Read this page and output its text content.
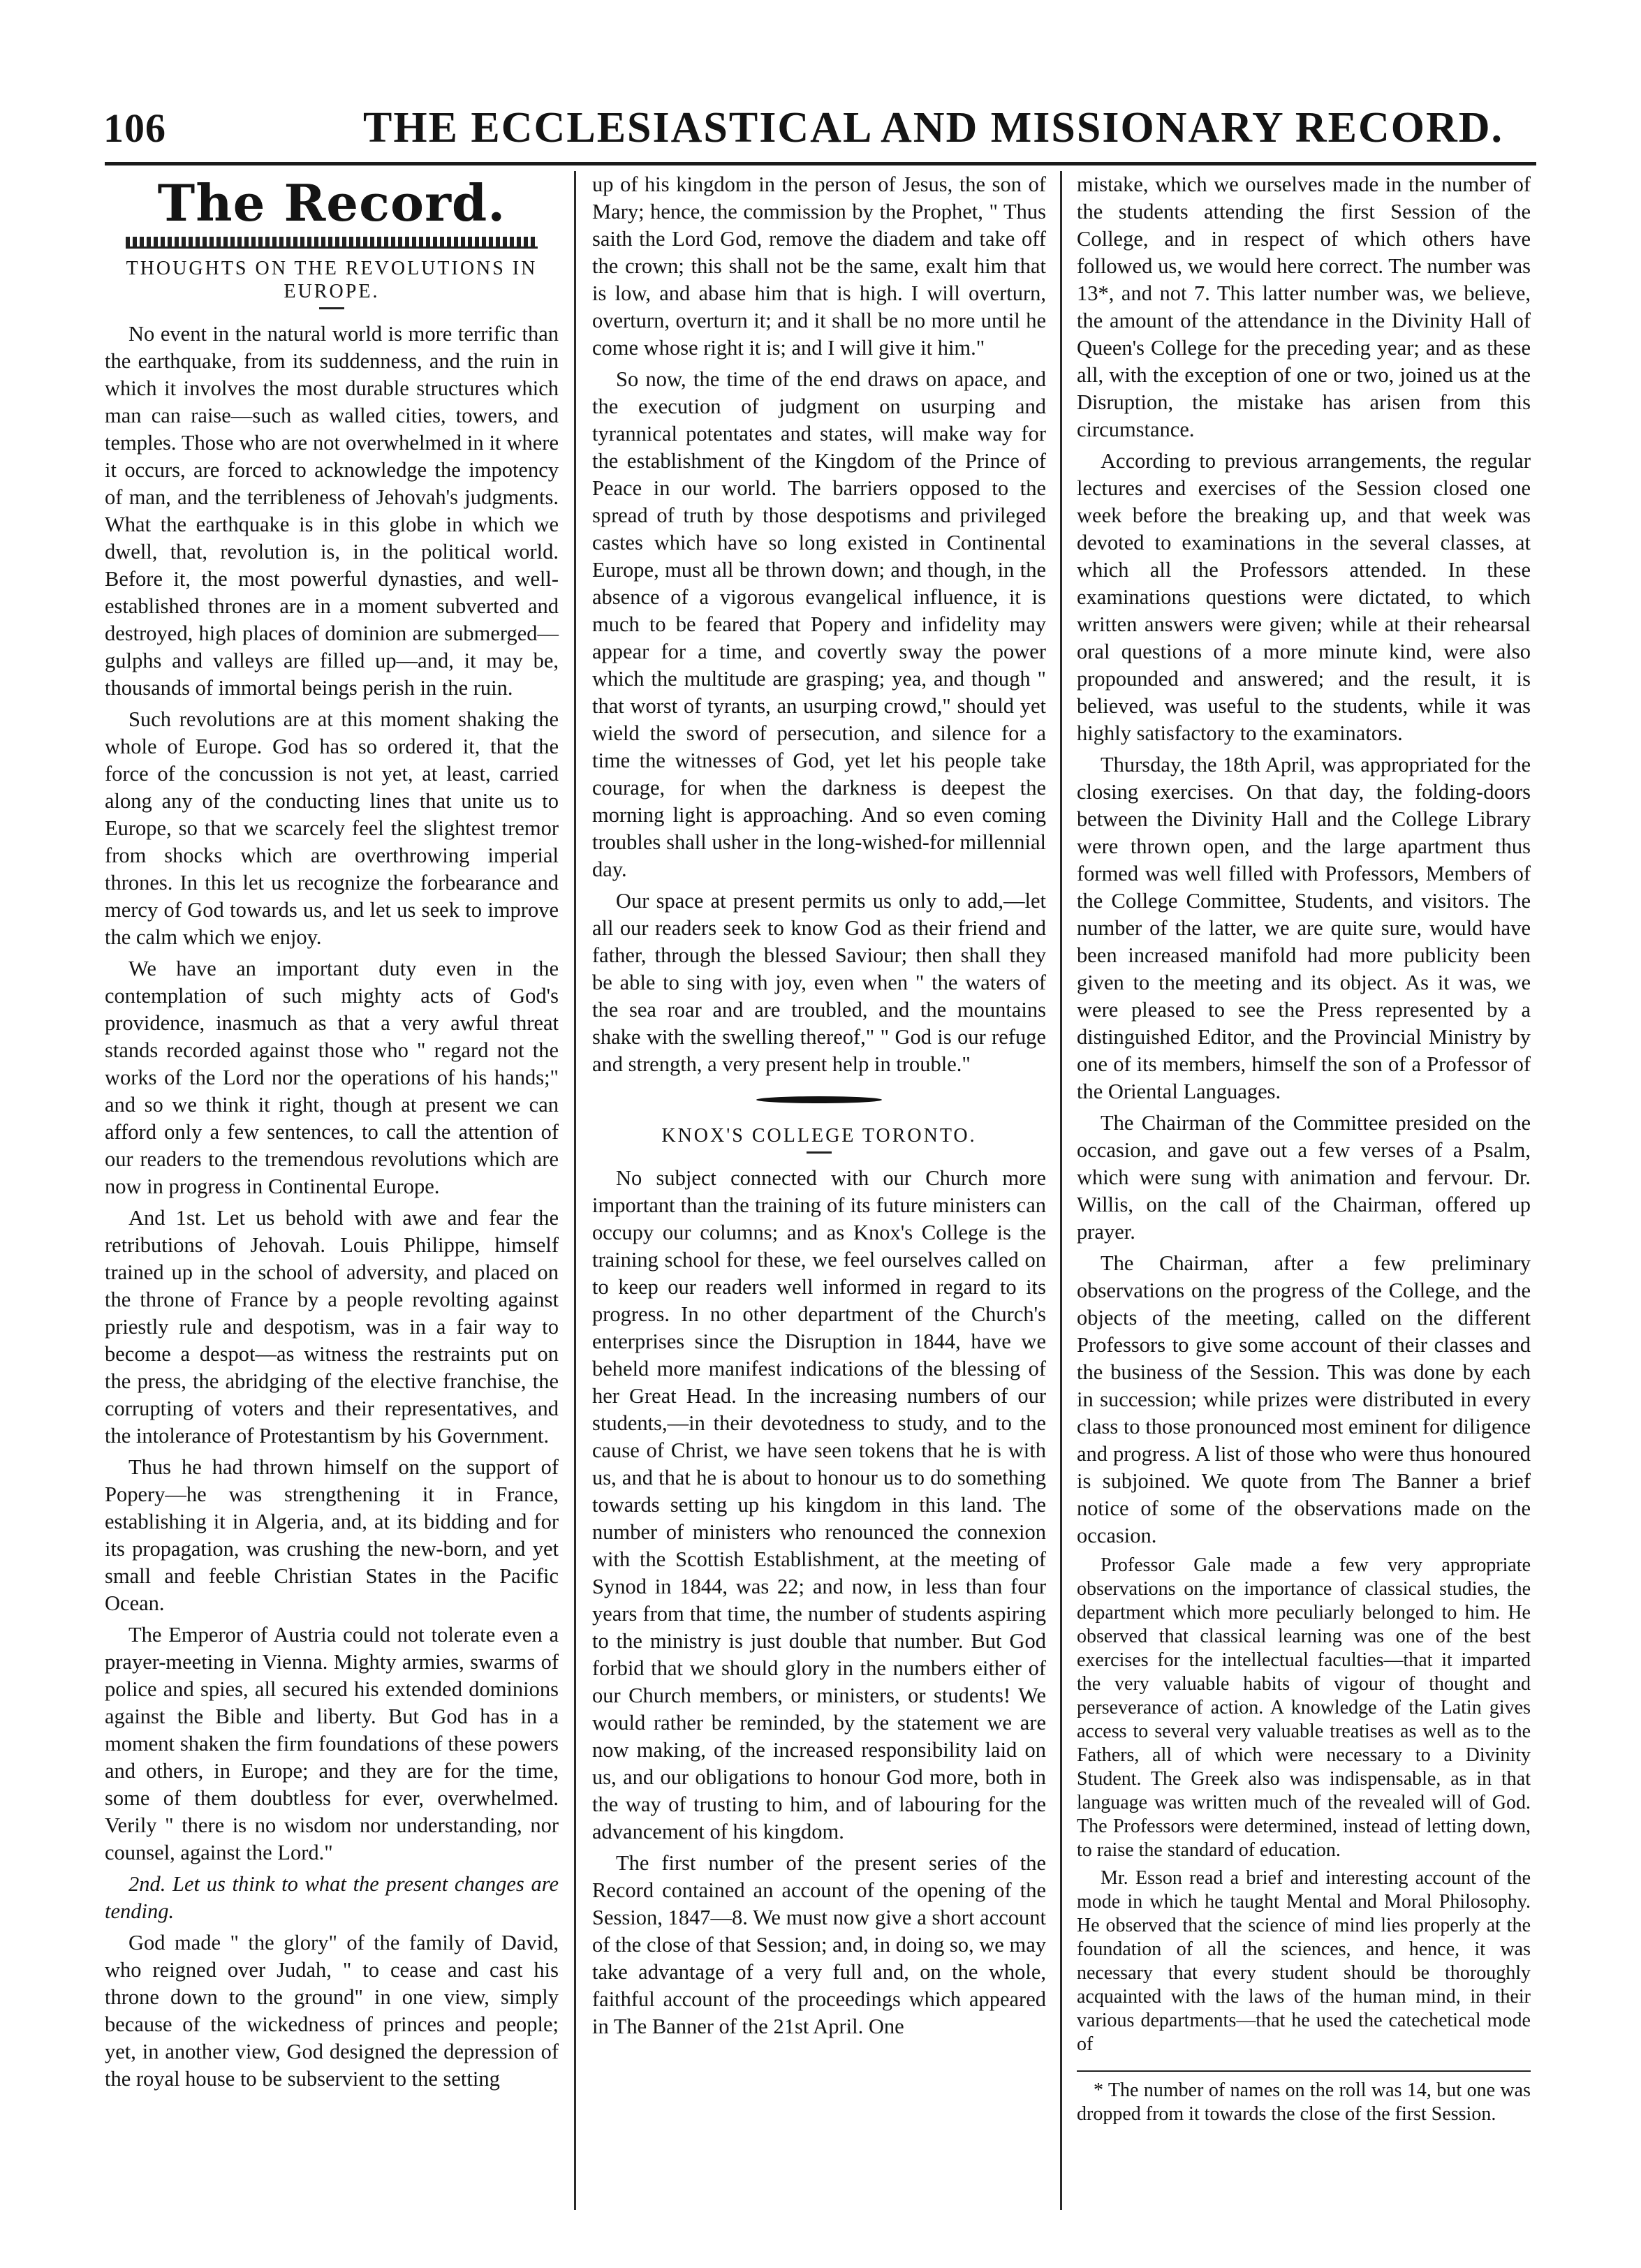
106	THE ECCLESIASTICAL AND MISSIONARY RECORD.
The Record.
THOUGHTS ON THE REVOLUTIONS IN EUROPE.

No event in the natural world is more terrific than the earthquake, from its suddenness, and the ruin in which it involves the most durable structures which man can raise—such as walled cities, towers, and temples. Those who are not overwhelmed in it where it occurs, are forced to acknowledge the impotency of man, and the terribleness of Jehovah's judgments. What the earthquake is in this globe in which we dwell, that, revolution is, in the political world. Before it, the most powerful dynasties, and well-established thrones are in a moment subverted and destroyed, high places of dominion are submerged—gulphs and valleys are filled up—and, it may be, thousands of immortal beings perish in the ruin.

Such revolutions are at this moment shaking the whole of Europe. God has so ordered it, that the force of the concussion is not yet, at least, carried along any of the conducting lines that unite us to Europe, so that we scarcely feel the slightest tremor from shocks which are overthrowing imperial thrones. In this let us recognize the forbearance and mercy of God towards us, and let us seek to improve the calm which we enjoy.

We have an important duty even in the contemplation of such mighty acts of God's providence, inasmuch as that a very awful threat stands recorded against those who " regard not the works of the Lord nor the operations of his hands;" and so we think it right, though at present we can afford only a few sentences, to call the attention of our readers to the tremendous revolutions which are now in progress in Continental Europe.

And 1st. Let us behold with awe and fear the retributions of Jehovah. Louis Philippe, himself trained up in the school of adversity, and placed on the throne of France by a people revolting against priestly rule and despotism, was in a fair way to become a despot—as witness the restraints put on the press, the abridging of the elective franchise, the corrupting of voters and their representatives, and the intolerance of Protestantism by his Government.

Thus he had thrown himself on the support of Popery—he was strengthening it in France, establishing it in Algeria, and, at its bidding and for its propagation, was crushing the new-born, and yet small and feeble Christian States in the Pacific Ocean.

The Emperor of Austria could not tolerate even a prayer-meeting in Vienna. Mighty armies, swarms of police and spies, all secured his extended dominions against the Bible and liberty. But God has in a moment shaken the firm foundations of these powers and others, in Europe; and they are for the time, some of them doubtless for ever, overwhelmed. Verily " there is no wisdom nor understanding, nor counsel, against the Lord."

2nd. Let us think to what the present changes are tending.

God made " the glory" of the family of David, who reigned over Judah, " to cease and cast his throne down to the ground" in one view, simply because of the wickedness of princes and people; yet, in another view, God designed the depression of the royal house to be subservient to the setting

up of his kingdom in the person of Jesus, the son of Mary; hence, the commission by the Prophet, " Thus saith the Lord God, remove the diadem and take off the crown; this shall not be the same, exalt him that is low, and abase him that is high. I will overturn, overturn, overturn it; and it shall be no more until he come whose right it is; and I will give it him."

So now, the time of the end draws on apace, and the execution of judgment on usurping and tyrannical potentates and states, will make way for the establishment of the Kingdom of the Prince of Peace in our world. The barriers opposed to the spread of truth by those despotisms and privileged castes which have so long existed in Continental Europe, must all be thrown down; and though, in the absence of a vigorous evangelical influence, it is much to be feared that Popery and infidelity may appear for a time, and covertly sway the power which the multitude are grasping; yea, and though " that worst of tyrants, an usurping crowd," should yet wield the sword of persecution, and silence for a time the witnesses of God, yet let his people take courage, for when the darkness is deepest the morning light is approaching. And so even coming troubles shall usher in the long-wished-for millennial day.

Our space at present permits us only to add,—let all our readers seek to know God as their friend and father, through the blessed Saviour; then shall they be able to sing with joy, even when " the waters of the sea roar and are troubled, and the mountains shake with the swelling thereof," " God is our refuge and strength, a very present help in trouble."

KNOX'S COLLEGE TORONTO.

No subject connected with our Church more important than the training of its future ministers can occupy our columns; and as Knox's College is the training school for these, we feel ourselves called on to keep our readers well informed in regard to its progress. In no other department of the Church's enterprises since the Disruption in 1844, have we beheld more manifest indications of the blessing of her Great Head. In the increasing numbers of our students,—in their devotedness to study, and to the cause of Christ, we have seen tokens that he is with us, and that he is about to honour us to do something towards setting up his kingdom in this land. The number of ministers who renounced the connexion with the Scottish Establishment, at the meeting of Synod in 1844, was 22; and now, in less than four years from that time, the number of students aspiring to the ministry is just double that number. But God forbid that we should glory in the numbers either of our Church members, or ministers, or students! We would rather be reminded, by the statement we are now making, of the increased responsibility laid on us, and our obligations to honour God more, both in the way of trusting to him, and of labouring for the advancement of his kingdom.

The first number of the present series of the Record contained an account of the opening of the Session, 1847—8. We must now give a short account of the close of that Session; and, in doing so, we may take advantage of a very full and, on the whole, faithful account of the proceedings which appeared in The Banner of the 21st April. One

mistake, which we ourselves made in the number of the students attending the first Session of the College, and in respect of which others have followed us, we would here correct. The number was 13*, and not 7. This latter number was, we believe, the amount of the attendance in the Divinity Hall of Queen's College for the preceding year; and as these all, with the exception of one or two, joined us at the Disruption, the mistake has arisen from this circumstance.

According to previous arrangements, the regular lectures and exercises of the Session closed one week before the breaking up, and that week was devoted to examinations in the several classes, at which all the Professors attended. In these examinations questions were dictated, to which written answers were given; while at their rehearsal oral questions of a more minute kind, were also propounded and answered; and the result, it is believed, was useful to the students, while it was highly satisfactory to the examinators.

Thursday, the 18th April, was appropriated for the closing exercises. On that day, the folding-doors between the Divinity Hall and the College Library were thrown open, and the large apartment thus formed was well filled with Professors, Members of the College Committee, Students, and visitors. The number of the latter, we are quite sure, would have been increased manifold had more publicity been given to the meeting and its object. As it was, we were pleased to see the Press represented by a distinguished Editor, and the Provincial Ministry by one of its members, himself the son of a Professor of the Oriental Languages.

The Chairman of the Committee presided on the occasion, and gave out a few verses of a Psalm, which were sung with animation and fervour. Dr. Willis, on the call of the Chairman, offered up prayer.

The Chairman, after a few preliminary observations on the progress of the College, and the objects of the meeting, called on the different Professors to give some account of their classes and the business of the Session. This was done by each in succession; while prizes were distributed in every class to those pronounced most eminent for diligence and progress. A list of those who were thus honoured is subjoined. We quote from The Banner a brief notice of some of the observations made on the occasion.

Professor Gale made a few very appropriate observations on the importance of classical studies, the department which more peculiarly belonged to him. He observed that classical learning was one of the best exercises for the intellectual faculties—that it imparted the very valuable habits of vigour of thought and perseverance of action. A knowledge of the Latin gives access to several very valuable treatises as well as to the Fathers, all of which were necessary to a Divinity Student. The Greek also was indispensable, as in that language was written much of the revealed will of God. The Professors were determined, instead of letting down, to raise the standard of education.

Mr. Esson read a brief and interesting account of the mode in which he taught Mental and Moral Philosophy. He observed that the science of mind lies properly at the foundation of all the sciences, and hence, it was necessary that every student should be thoroughly acquainted with the laws of the human mind, in their various departments—that he used the catechetical mode of

* The number of names on the roll was 14, but one was dropped from it towards the close of the first Session.
